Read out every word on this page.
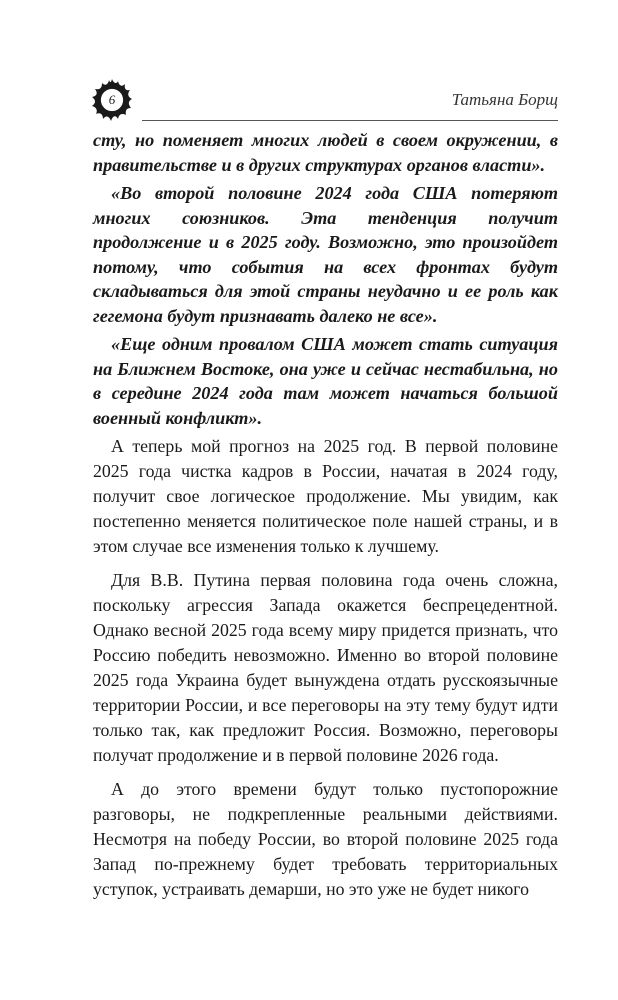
6	Татьяна Борщ

сту, но поменяет многих людей в своем окружении, в правительстве и в других структурах органов власти».

«Во второй половине 2024 года США потеряют многих союзников. Эта тенденция получит продолжение и в 2025 году. Возможно, это произойдет потому, что события на всех фронтах будут складываться для этой страны неудачно и ее роль как гегемона будут признавать далеко не все».

«Еще одним провалом США может стать ситуация на Ближнем Востоке, она уже и сейчас нестабильна, но в середине 2024 года там может начаться большой военный конфликт».

А теперь мой прогноз на 2025 год. В первой половине 2025 года чистка кадров в России, начатая в 2024 году, получит свое логическое продолжение. Мы увидим, как постепенно меняется политическое поле нашей страны, и в этом случае все изменения только к лучшему.

Для В.В. Путина первая половина года очень сложна, поскольку агрессия Запада окажется беспрецедентной. Однако весной 2025 года всему миру придется признать, что Россию победить невозможно. Именно во второй половине 2025 года Украина будет вынуждена отдать русскоязычные территории России, и все переговоры на эту тему будут идти только так, как предложит Россия. Возможно, переговоры получат продолжение и в первой половине 2026 года.

А до этого времени будут только пустопорожние разговоры, не подкрепленные реальными действиями. Несмотря на победу России, во второй половине 2025 года Запад по-прежнему будет требовать территориальных уступок, устраивать демарши, но это уже не будет никого
